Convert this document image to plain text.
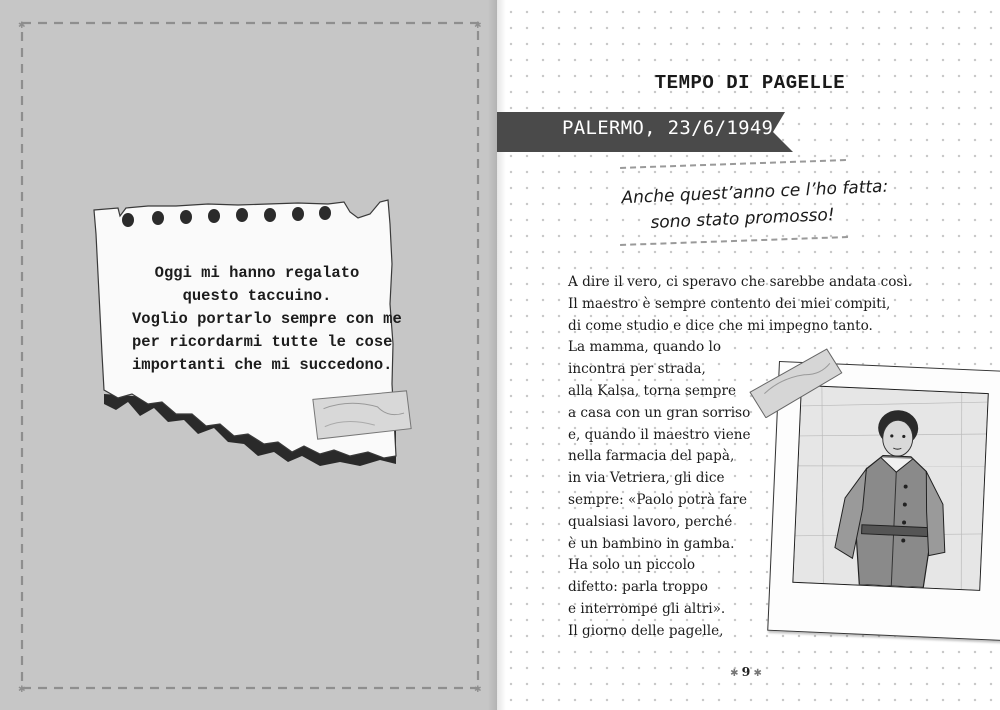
✱	✱
✱	✱
Oggi mi hanno regalato
questo taccuino.
Voglio portarlo sempre con me
per ricordarmi tutte le cose
importanti che mi succedono.
TEMPO DI PAGELLE
PALERMO, 23/6/1949
Anche quest’anno ce l’ho fatta:
sono stato promosso!
A dire il vero, ci speravo che sarebbe andata così.
Il maestro è sempre contento dei miei compiti,
di come studio e dice che mi impegno tanto.
La mamma, quando lo
incontra per strada,
alla Kalsa, torna sempre
a casa con un gran sorriso
e, quando il maestro viene
nella farmacia del papà,
in via Vetriera, gli dice
sempre: «Paolo potrà fare
qualsiasi lavoro, perché
è un bambino in gamba.
Ha solo un piccolo
difetto: parla troppo
e interrompe gli altri».
Il giorno delle pagelle,
✱ 9 ✱
